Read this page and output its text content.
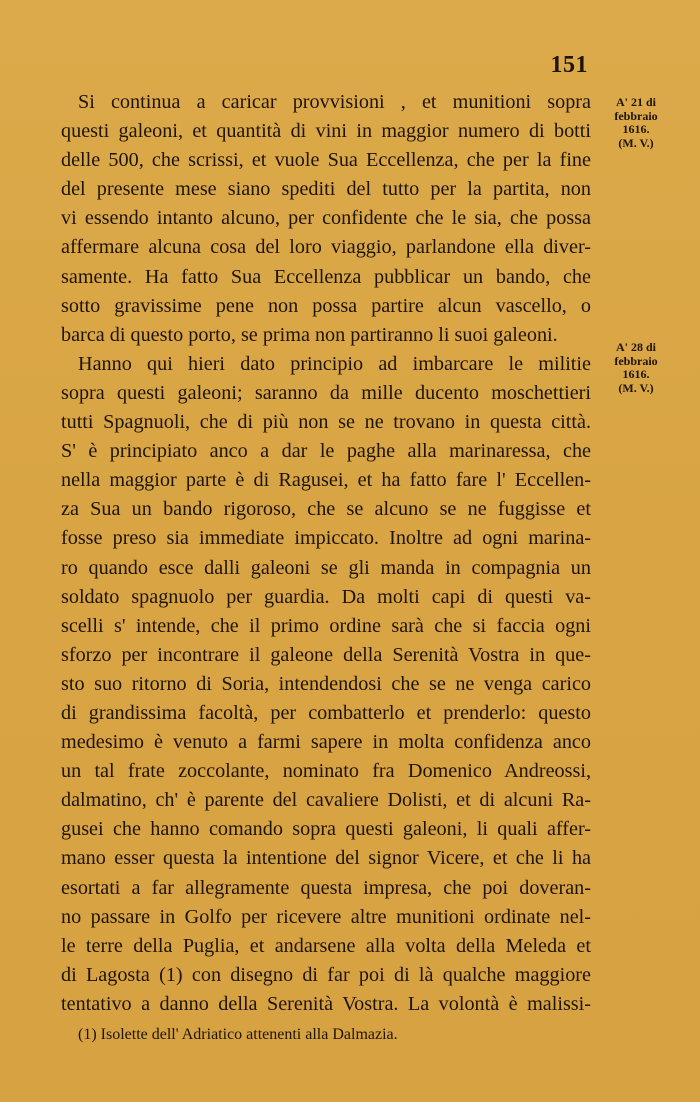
151
A' 21 di
febbraio
1616.
(M. V.)
A' 28 di
febbraio
1616.
(M. V.)
Si continua a caricar provvisioni , et munitioni sopra
questi galeoni, et quantità di vini in maggior numero di botti
delle 500, che scrissi, et vuole Sua Eccellenza, che per la fine
del presente mese siano spediti del tutto per la partita, non
vi essendo intanto alcuno, per confidente che le sia, che possa
affermare alcuna cosa del loro viaggio, parlandone ella diver-
samente. Ha fatto Sua Eccellenza pubblicar un bando, che
sotto gravissime pene non possa partire alcun vascello, o
barca di questo porto, se prima non partiranno li suoi galeoni.
Hanno qui hieri dato principio ad imbarcare le militie
sopra questi galeoni; saranno da mille ducento moschettieri
tutti Spagnuoli, che di più non se ne trovano in questa città.
S' è principiato anco a dar le paghe alla marinaressa, che
nella maggior parte è di Ragusei, et ha fatto fare l' Eccellen-
za Sua un bando rigoroso, che se alcuno se ne fuggisse et
fosse preso sia immediate impiccato. Inoltre ad ogni marina-
ro quando esce dalli galeoni se gli manda in compagnia un
soldato spagnuolo per guardia. Da molti capi di questi va-
scelli s' intende, che il primo ordine sarà che si faccia ogni
sforzo per incontrare il galeone della Serenità Vostra in que-
sto suo ritorno di Soria, intendendosi che se ne venga carico
di grandissima facoltà, per combatterlo et prenderlo: questo
medesimo è venuto a farmi sapere in molta confidenza anco
un tal frate zoccolante, nominato fra Domenico Andreossi,
dalmatino, ch' è parente del cavaliere Dolisti, et di alcuni Ra-
gusei che hanno comando sopra questi galeoni, li quali affer-
mano esser questa la intentione del signor Vicere, et che li ha
esortati a far allegramente questa impresa, che poi doveran-
no passare in Golfo per ricevere altre munitioni ordinate nel-
le terre della Puglia, et andarsene alla volta della Meleda et
di Lagosta (1) con disegno di far poi di là qualche maggiore
tentativo a danno della Serenità Vostra. La volontà è malissi-
(1) Isolette dell' Adriatico attenenti alla Dalmazia.
